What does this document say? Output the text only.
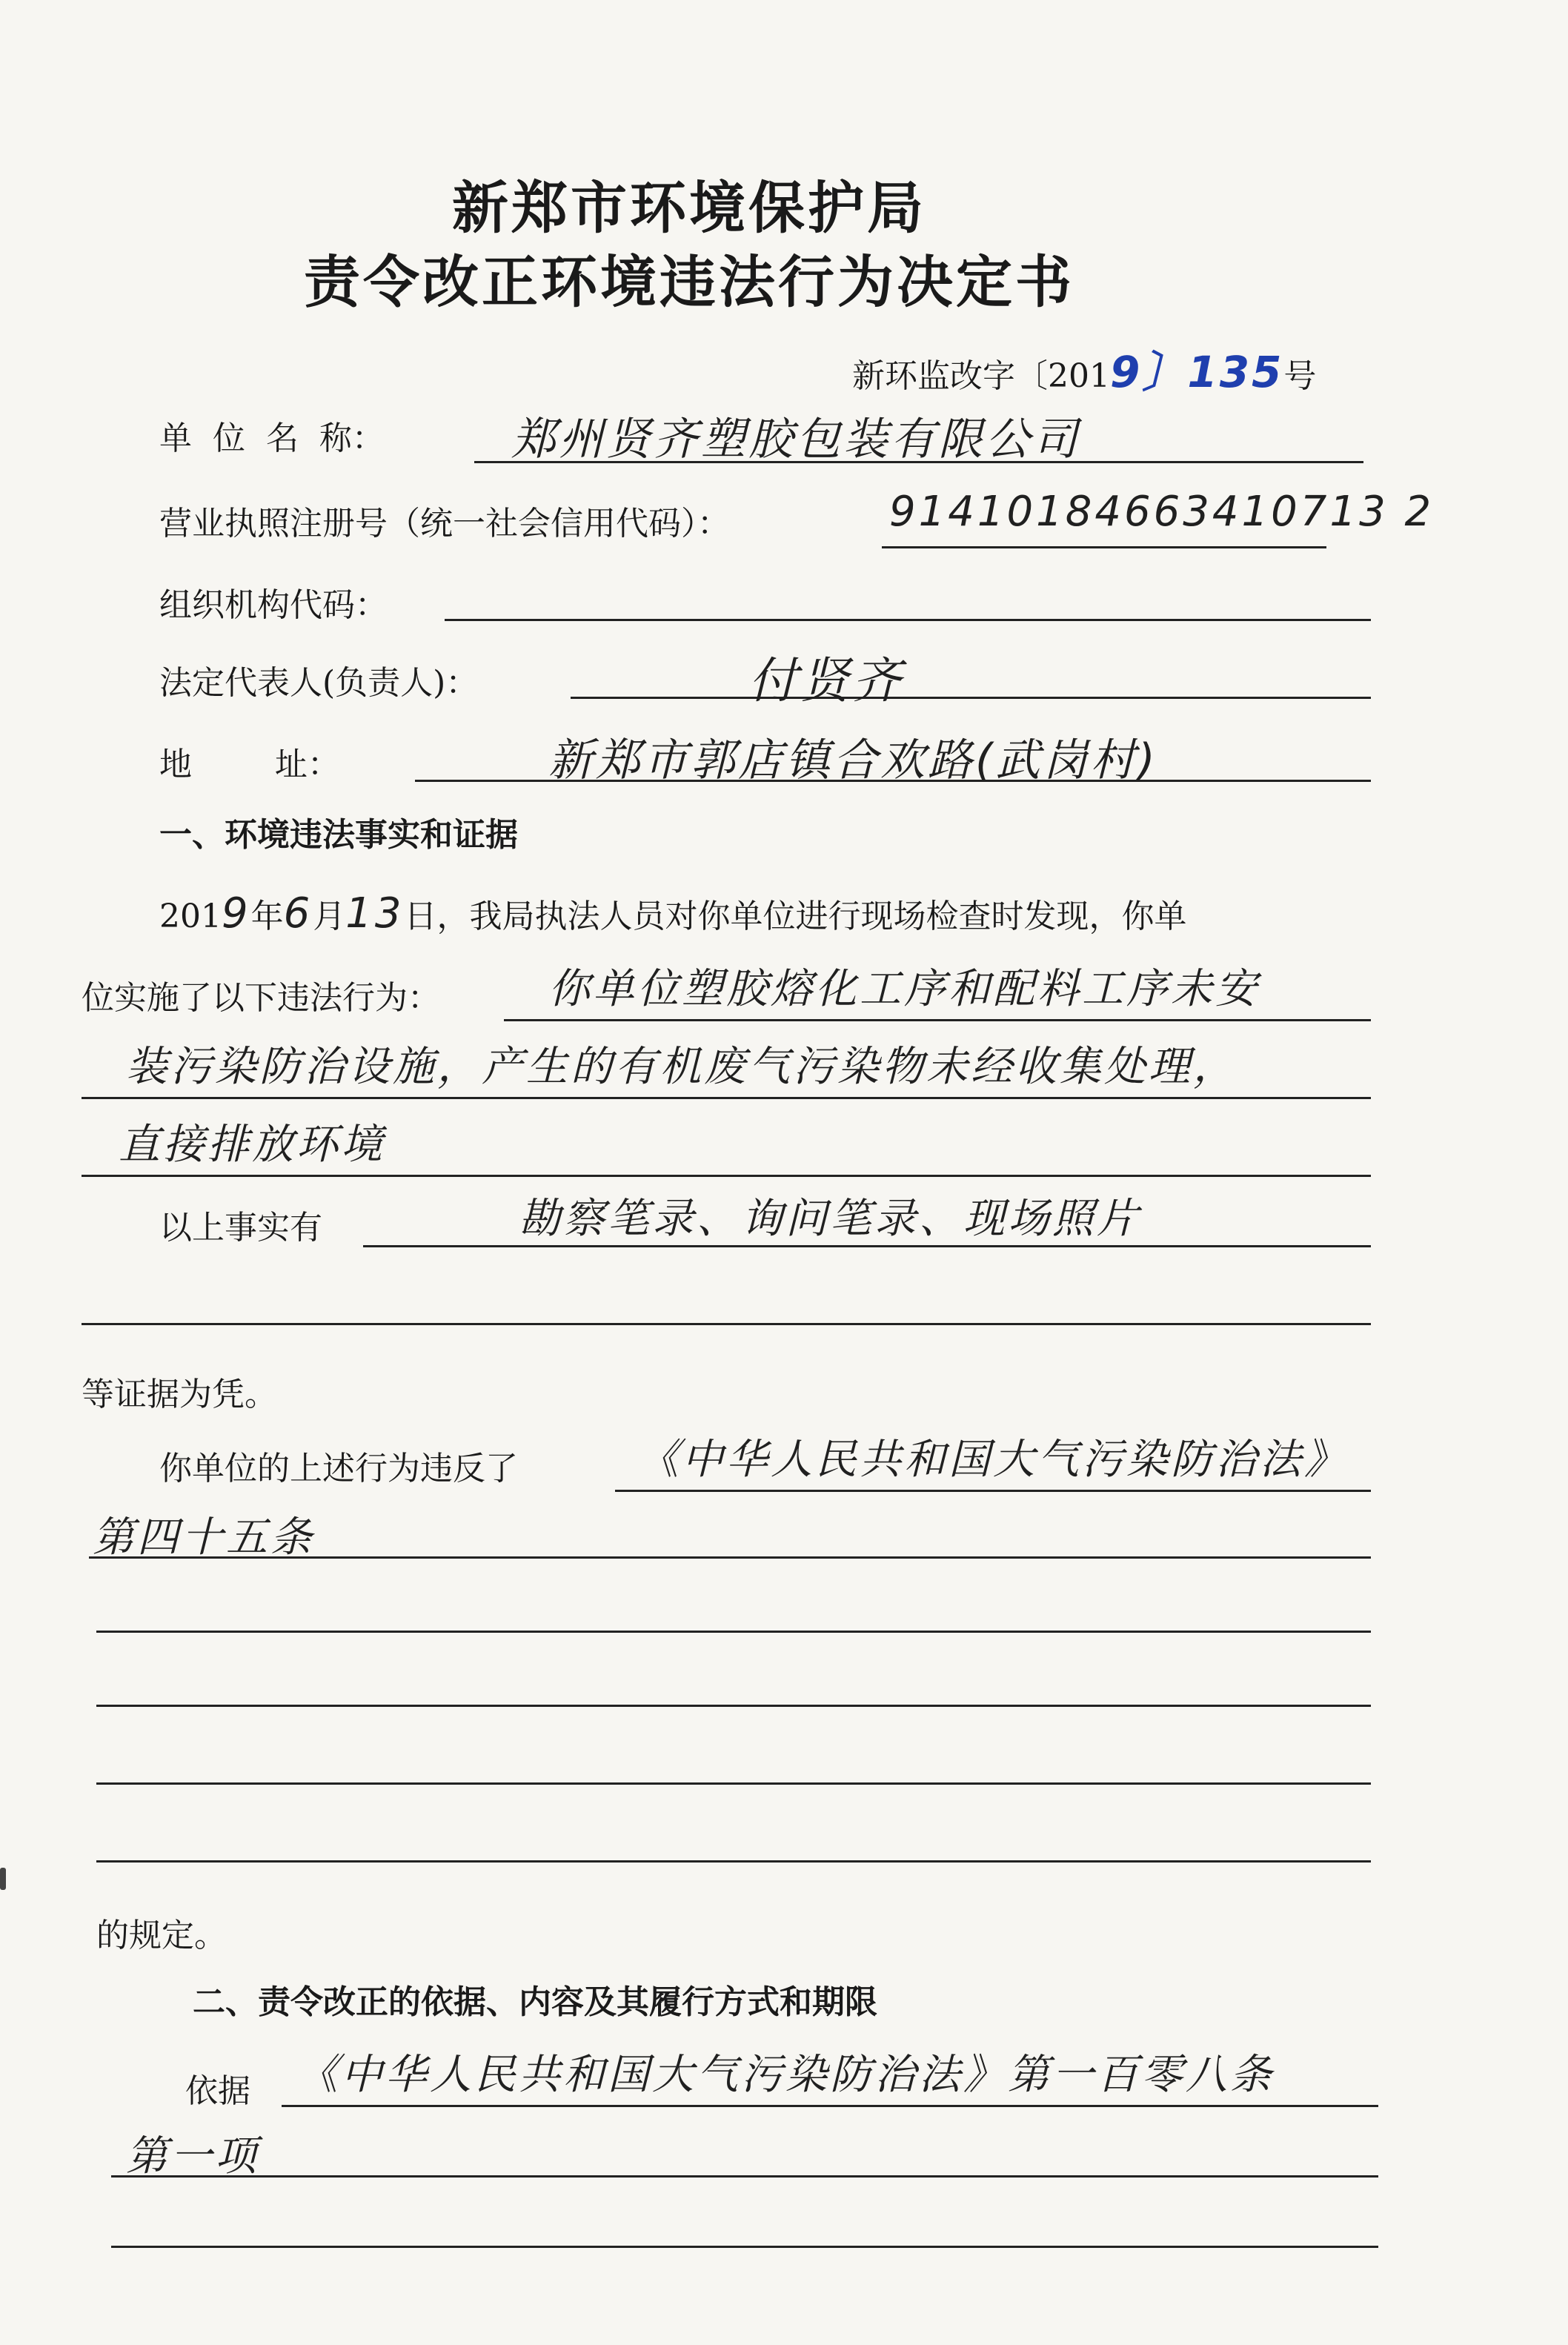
新郑市环境保护局
责令改正环境违法行为决定书
新环监改字〔2019〕135号
单  位  名  称：	郑州贤齐塑胶包装有限公司
营业执照注册号（统一社会信用代码）：	91410184663410713 2
组织机构代码：
法定代表人(负责人)：	付贤齐
地        址：	新郑市郭店镇合欢路(武岗村)
一、环境违法事实和证据
2019年6月13日，我局执法人员对你单位进行现场检查时发现，你单
位实施了以下违法行为：	你单位塑胶熔化工序和配料工序未安
装污染防治设施，产生的有机废气污染物未经收集处理，
直接排放环境
以上事实有	勘察笔录、询问笔录、现场照片
等证据为凭。
你单位的上述行为违反了	《中华人民共和国大气污染防治法》
第四十五条
的规定。
二、责令改正的依据、内容及其履行方式和期限
依据 《中华人民共和国大气污染防治法》第一百零八条
第一项
